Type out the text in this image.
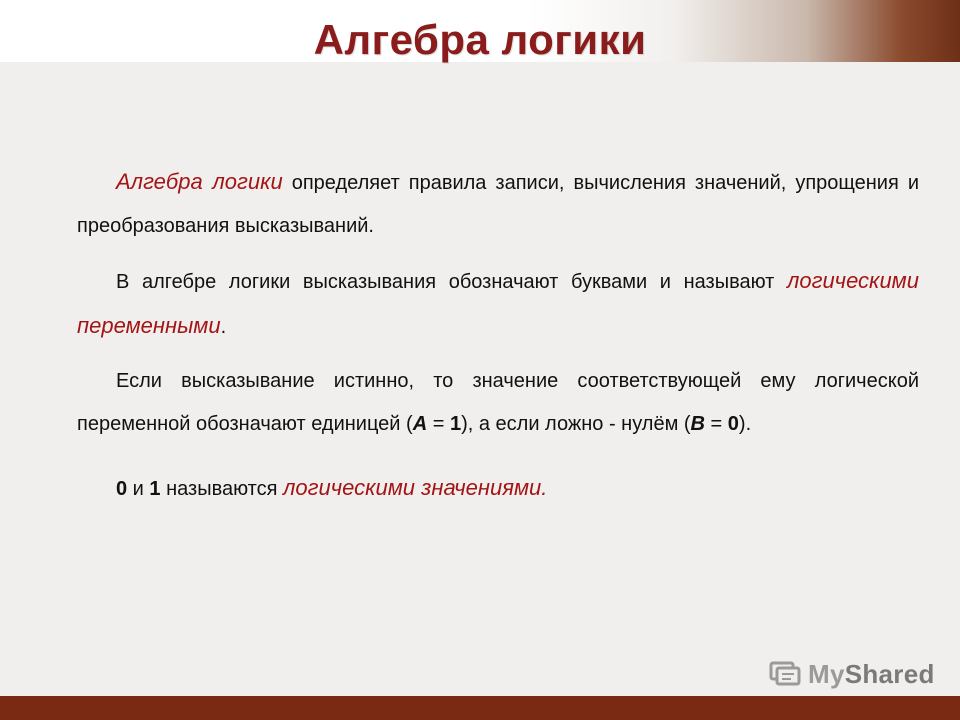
Алгебра логики

Алгебра логики определяет правила записи, вычисления значений, упрощения и преобразования высказываний.

В алгебре логики высказывания обозначают буквами и называют логическими переменными.

Если высказывание истинно, то значение соответствующей ему логической переменной обозначают единицей (А = 1), а если ложно - нулём (В = 0).

0 и 1 называются логическими значениями.

MyShared
